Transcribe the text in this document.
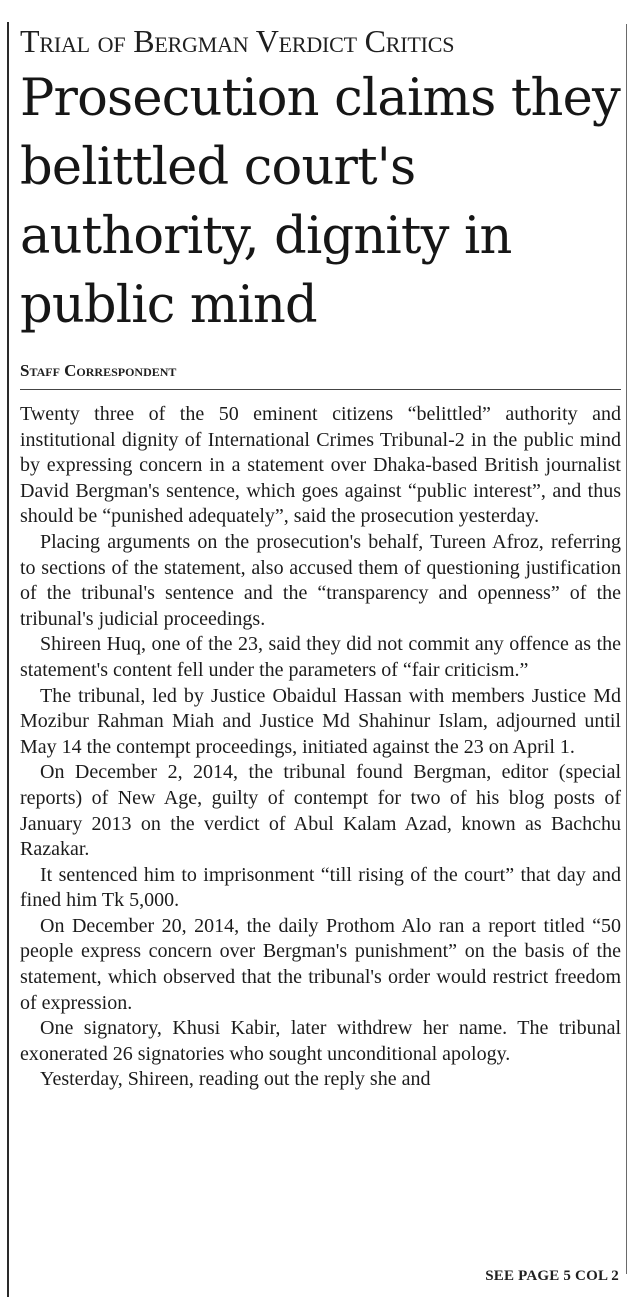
Trial of Bergman Verdict Critics
Prosecution claims they belittled court's authority, dignity in public mind
Staff Correspondent

Twenty three of the 50 eminent citizens “belittled” authority and institutional dignity of International Crimes Tribunal-2 in the public mind by expressing concern in a statement over Dhaka-based British journalist David Bergman's sentence, which goes against “public interest”, and thus should be “punished adequately”, said the prosecution yesterday.

Placing arguments on the prosecution's behalf, Tureen Afroz, referring to sections of the statement, also accused them of questioning justification of the tribunal's sentence and the “transparency and openness” of the tribunal's judicial proceedings.

Shireen Huq, one of the 23, said they did not commit any offence as the statement's content fell under the parameters of “fair criticism.”

The tribunal, led by Justice Obaidul Hassan with members Justice Md Mozibur Rahman Miah and Justice Md Shahinur Islam, adjourned until May 14 the contempt proceedings, initiated against the 23 on April 1.

On December 2, 2014, the tribunal found Bergman, editor (special reports) of New Age, guilty of contempt for two of his blog posts of January 2013 on the verdict of Abul Kalam Azad, known as Bachchu Razakar.

It sentenced him to imprisonment “till rising of the court” that day and fined him Tk 5,000.

On December 20, 2014, the daily Prothom Alo ran a report titled “50 people express concern over Bergman's punishment” on the basis of the statement, which observed that the tribunal's order would restrict freedom of expression.

One signatory, Khusi Kabir, later withdrew her name. The tribunal exonerated 26 signatories who sought unconditional apology.

Yesterday, Shireen, reading out the reply she and

SEE PAGE 5 COL 2
